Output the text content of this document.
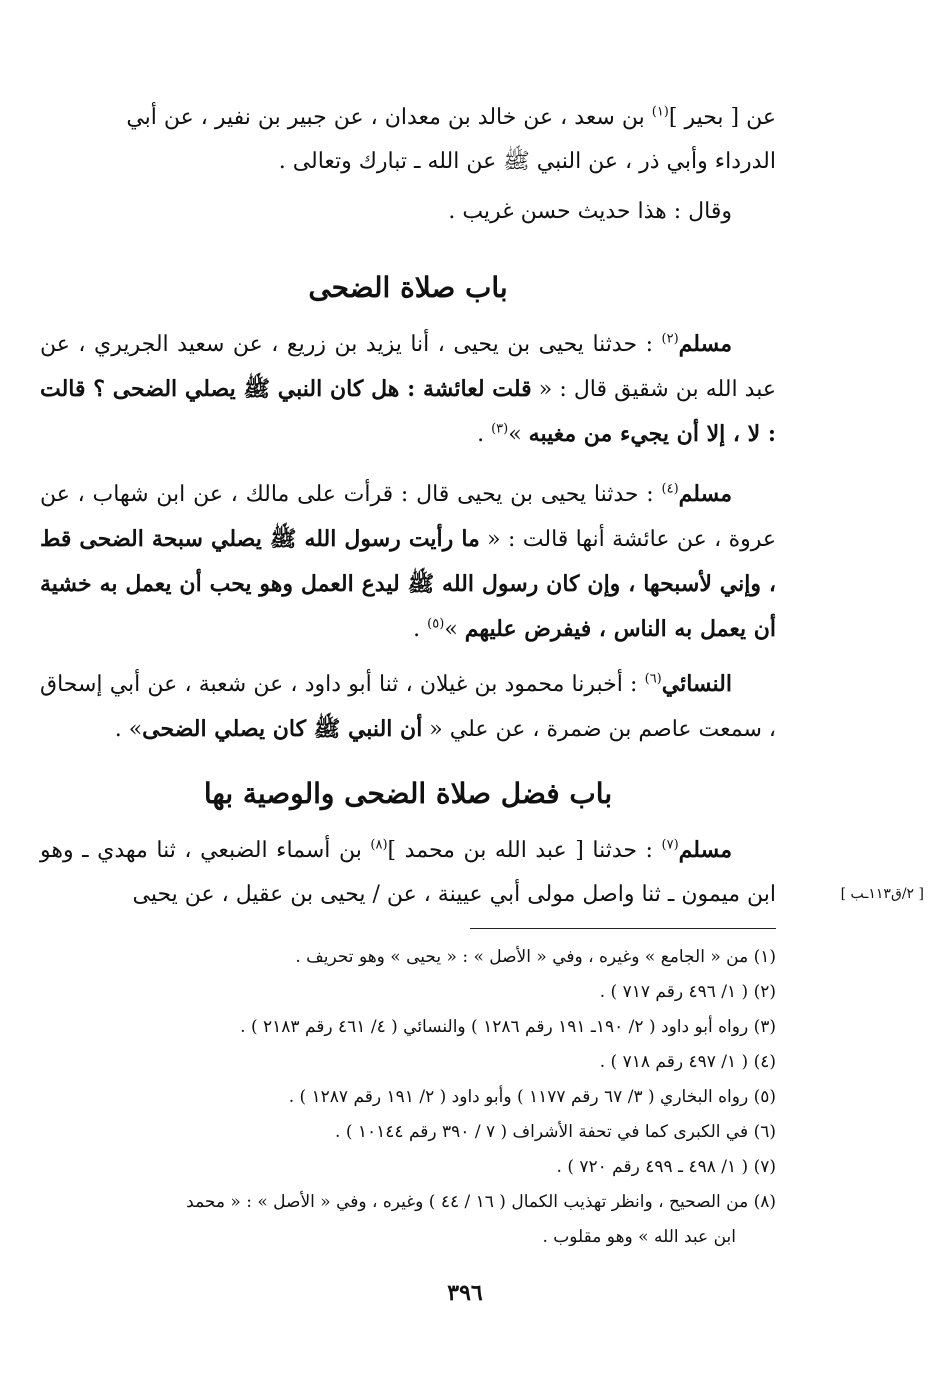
عن [ بحير ]$^{(١)}$ بن سعد ، عن خالد بن معدان ، عن جبير بن نفير ، عن أبي

الدرداء وأبي ذر ، عن النبي ﷺ عن الله ـ تبارك وتعالى .

وقال : هذا حديث حسن غريب .

باب صلاة الضحى

مسلم$^{(٢)}$ : حدثنا يحيى بن يحيى ، أنا يزيد بن زريع ، عن سعيد الجريري ، عن عبد الله بن شقيق قال : « قلت لعائشة : هل كان النبي ﷺ يصلي الضحى ؟ قالت : لا ، إلا أن يجيء من مغيبه »$^{(٣)}$ .

مسلم$^{(٤)}$ : حدثنا يحيى بن يحيى قال : قرأت على مالك ، عن ابن شهاب ، عن عروة ، عن عائشة أنها قالت : « ما رأيت رسول الله ﷺ يصلي سبحة الضحى قط ، وإني لأسبحها ، وإن كان رسول الله ﷺ ليدع العمل وهو يحب أن يعمل به خشية أن يعمل به الناس ، فيفرض عليهم »$^{(٥)}$ .

النسائي$^{(٦)}$ : أخبرنا محمود بن غيلان ، ثنا أبو داود ، عن شعبة ، عن أبي إسحاق ، سمعت عاصم بن ضمرة ، عن علي « أن النبي ﷺ كان يصلي الضحى» .

باب فضل صلاة الضحى والوصية بها

مسلم$^{(٧)}$ : حدثنا [ عبد الله بن محمد ]$^{(٨)}$ بن أسماء الضبعي ، ثنا مهدي ـ وهو ابن ميمون ـ ثنا واصل مولى أبي عيينة ، عن / يحيى بن عقيل ، عن يحيى	[ ٢/ق١١٣ـب ]

(١) من « الجامع » وغيره ، وفي « الأصل » : « يحيى » وهو تحريف .

(٢) ( ١/ ٤٩٦ رقم ٧١٧ ) .

(٣) رواه أبو داود ( ٢/ ١٩٠ـ ١٩١ رقم ١٢٨٦ ) والنسائي ( ٤/ ٤٦١ رقم ٢١٨٣ ) .

(٤) ( ١/ ٤٩٧ رقم ٧١٨ ) .

(٥) رواه البخاري ( ٣/ ٦٧ رقم ١١٧٧ ) وأبو داود ( ٢/ ١٩١ رقم ١٢٨٧ ) .

(٦) في الكبرى كما في تحفة الأشراف ( ٧ / ٣٩٠ رقم ١٠١٤٤ ) .

(٧) ( ١/ ٤٩٨ ـ ٤٩٩ رقم ٧٢٠ ) .

(٨) من الصحيح ، وانظر تهذيب الكمال ( ١٦ / ٤٤ ) وغيره ، وفي « الأصل » : « محمد

ابن عبد الله » وهو مقلوب .

٣٩٦
